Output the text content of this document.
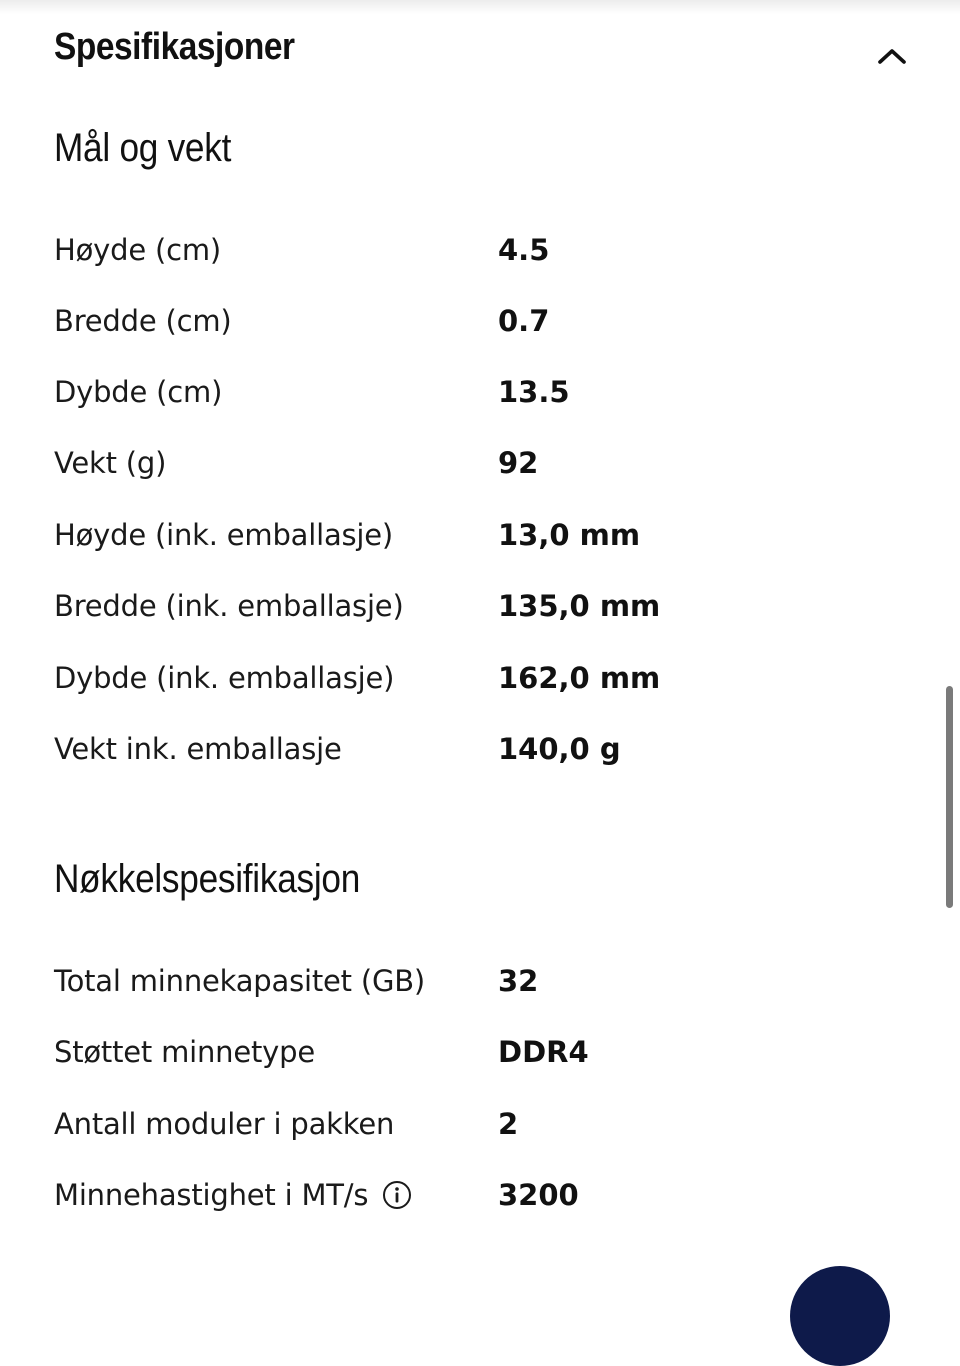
Spesifikasjoner
Mål og vekt
Høyde (cm)	4.5
Bredde (cm)	0.7
Dybde (cm)	13.5
Vekt (g)	92
Høyde (ink. emballasje)	13,0 mm
Bredde (ink. emballasje)	135,0 mm
Dybde (ink. emballasje)	162,0 mm
Vekt ink. emballasje	140,0 g
Nøkkelspesifikasjon
Total minnekapasitet (GB)	32
Støttet minnetype	DDR4
Antall moduler i pakken	2
Minnehastighet i MT/s	3200
